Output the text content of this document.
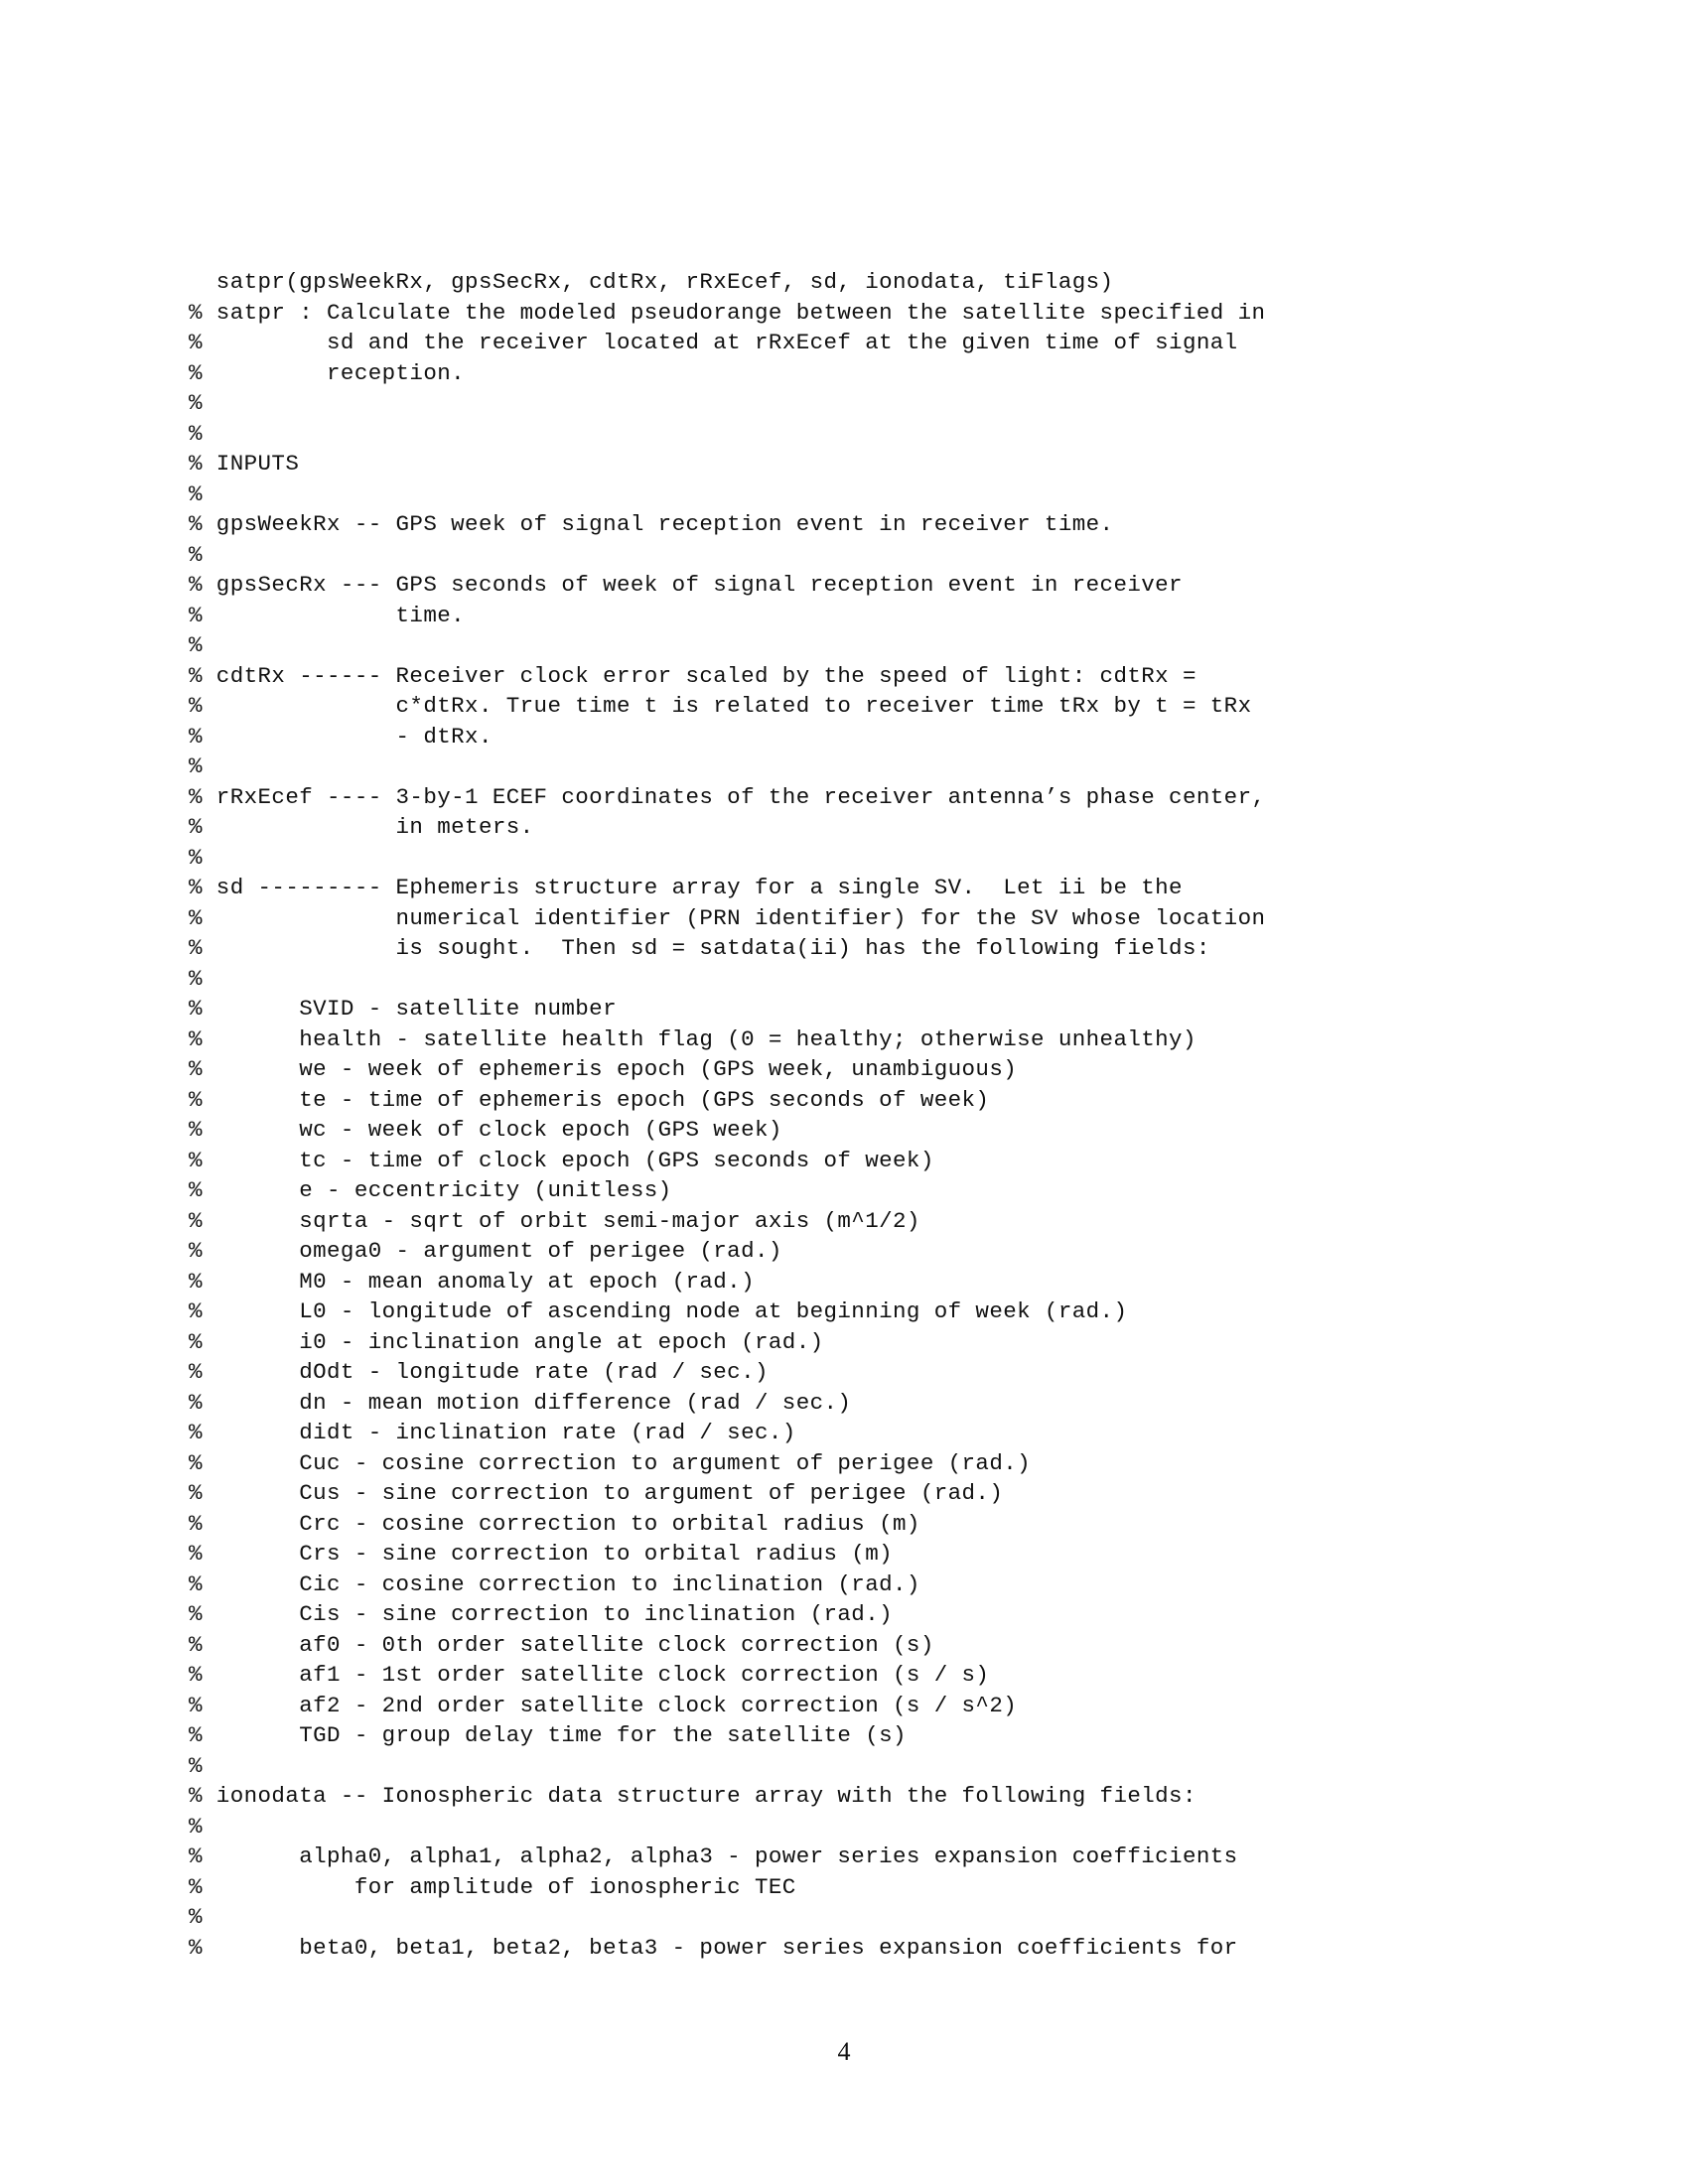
satpr(gpsWeekRx, gpsSecRx, cdtRx, rRxEcef, sd, ionodata, tiFlags)
% satpr : Calculate the modeled pseudorange between the satellite specified in
%         sd and the receiver located at rRxEcef at the given time of signal
%         reception.
%
%
% INPUTS
%
% gpsWeekRx -- GPS week of signal reception event in receiver time.
%
% gpsSecRx --- GPS seconds of week of signal reception event in receiver
%              time.
%
% cdtRx ------ Receiver clock error scaled by the speed of light: cdtRx =
%              c*dtRx. True time t is related to receiver time tRx by t = tRx
%              - dtRx.
%
% rRxEcef ---- 3-by-1 ECEF coordinates of the receiver antenna’s phase center,
%              in meters.
%
% sd --------- Ephemeris structure array for a single SV.  Let ii be the
%              numerical identifier (PRN identifier) for the SV whose location
%              is sought.  Then sd = satdata(ii) has the following fields:
%
%       SVID - satellite number
%       health - satellite health flag (0 = healthy; otherwise unhealthy)
%       we - week of ephemeris epoch (GPS week, unambiguous)
%       te - time of ephemeris epoch (GPS seconds of week)
%       wc - week of clock epoch (GPS week)
%       tc - time of clock epoch (GPS seconds of week)
%       e - eccentricity (unitless)
%       sqrta - sqrt of orbit semi-major axis (m^1/2)
%       omega0 - argument of perigee (rad.)
%       M0 - mean anomaly at epoch (rad.)
%       L0 - longitude of ascending node at beginning of week (rad.)
%       i0 - inclination angle at epoch (rad.)
%       dOdt - longitude rate (rad / sec.)
%       dn - mean motion difference (rad / sec.)
%       didt - inclination rate (rad / sec.)
%       Cuc - cosine correction to argument of perigee (rad.)
%       Cus - sine correction to argument of perigee (rad.)
%       Crc - cosine correction to orbital radius (m)
%       Crs - sine correction to orbital radius (m)
%       Cic - cosine correction to inclination (rad.)
%       Cis - sine correction to inclination (rad.)
%       af0 - 0th order satellite clock correction (s)
%       af1 - 1st order satellite clock correction (s / s)
%       af2 - 2nd order satellite clock correction (s / s^2)
%       TGD - group delay time for the satellite (s)
%
% ionodata -- Ionospheric data structure array with the following fields:
%
%       alpha0, alpha1, alpha2, alpha3 - power series expansion coefficients
%           for amplitude of ionospheric TEC
%
%       beta0, beta1, beta2, beta3 - power series expansion coefficients for
4
